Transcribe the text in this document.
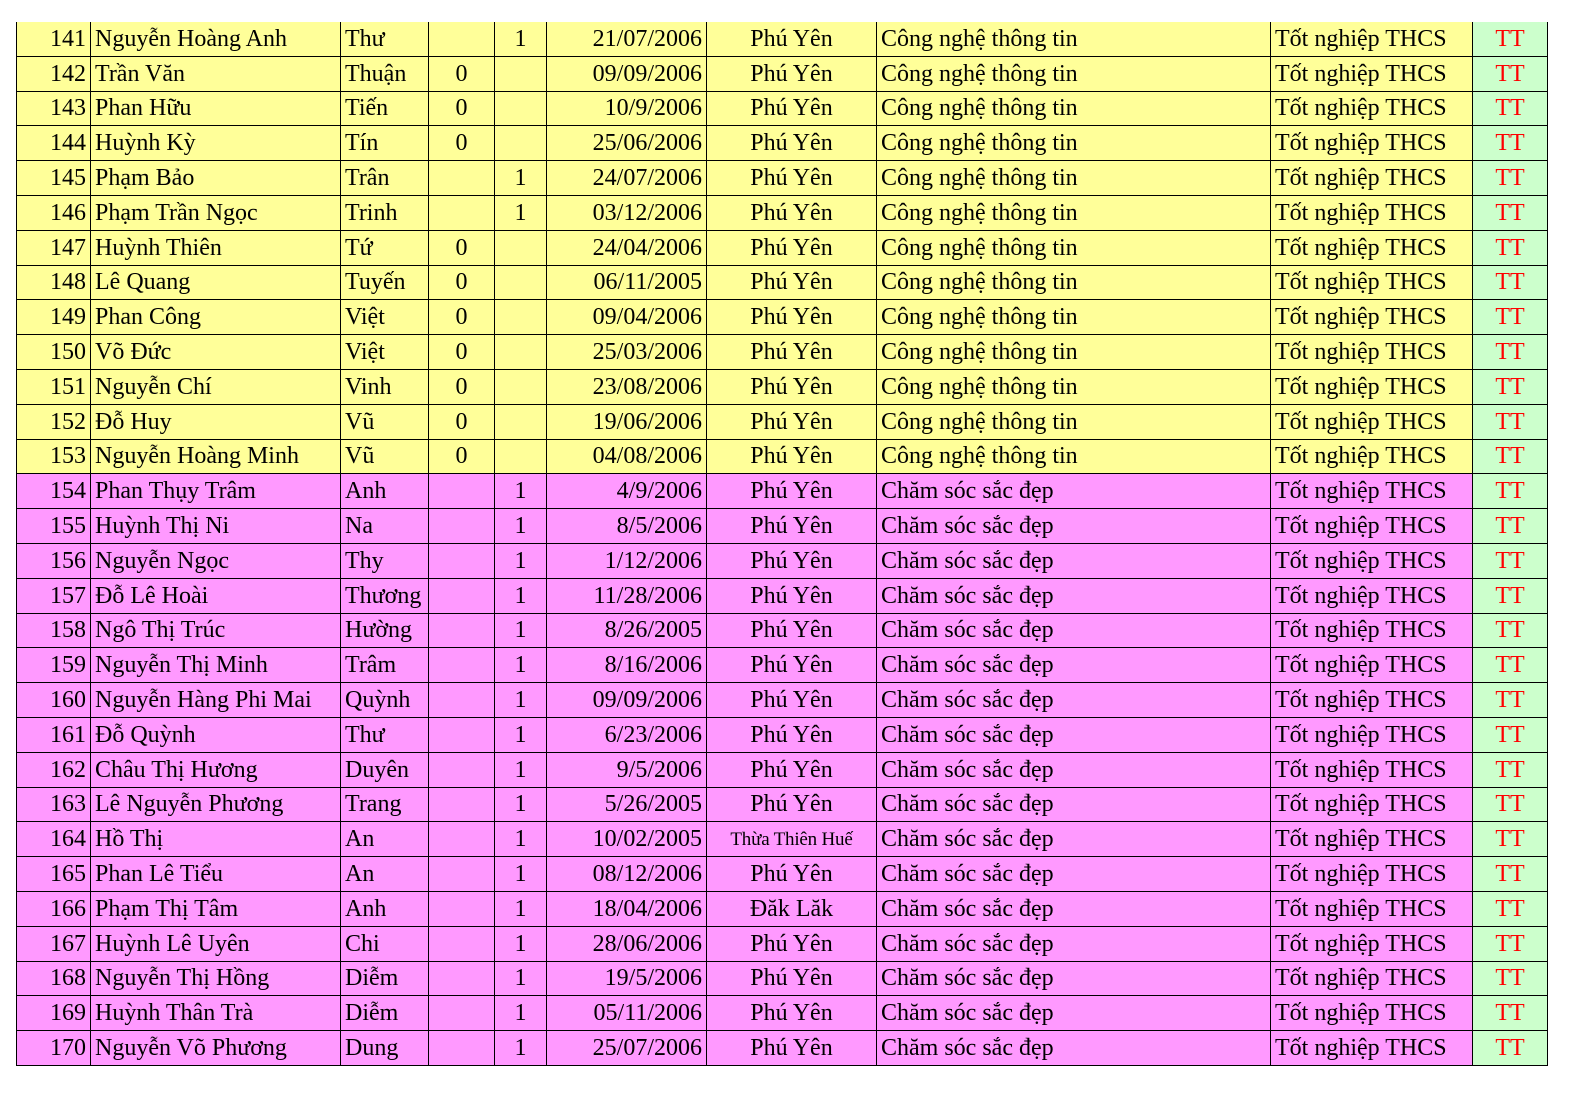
141	Nguyễn Hoàng Anh	Thư		1	21/07/2006	Phú Yên	Công nghệ thông tin	Tốt nghiệp THCS	TT
142	Trần Văn	Thuận	0		09/09/2006	Phú Yên	Công nghệ thông tin	Tốt nghiệp THCS	TT
143	Phan Hữu	Tiến	0		10/9/2006	Phú Yên	Công nghệ thông tin	Tốt nghiệp THCS	TT
144	Huỳnh Kỳ	Tín	0		25/06/2006	Phú Yên	Công nghệ thông tin	Tốt nghiệp THCS	TT
145	Phạm Bảo	Trân		1	24/07/2006	Phú Yên	Công nghệ thông tin	Tốt nghiệp THCS	TT
146	Phạm Trần Ngọc	Trinh		1	03/12/2006	Phú Yên	Công nghệ thông tin	Tốt nghiệp THCS	TT
147	Huỳnh Thiên	Tứ	0		24/04/2006	Phú Yên	Công nghệ thông tin	Tốt nghiệp THCS	TT
148	Lê Quang	Tuyến	0		06/11/2005	Phú Yên	Công nghệ thông tin	Tốt nghiệp THCS	TT
149	Phan Công	Việt	0		09/04/2006	Phú Yên	Công nghệ thông tin	Tốt nghiệp THCS	TT
150	Võ Đức	Việt	0		25/03/2006	Phú Yên	Công nghệ thông tin	Tốt nghiệp THCS	TT
151	Nguyễn Chí	Vinh	0		23/08/2006	Phú Yên	Công nghệ thông tin	Tốt nghiệp THCS	TT
152	Đỗ Huy	Vũ	0		19/06/2006	Phú Yên	Công nghệ thông tin	Tốt nghiệp THCS	TT
153	Nguyễn Hoàng Minh	Vũ	0		04/08/2006	Phú Yên	Công nghệ thông tin	Tốt nghiệp THCS	TT
154	Phan Thụy Trâm	Anh		1	4/9/2006	Phú Yên	Chăm sóc sắc đẹp	Tốt nghiệp THCS	TT
155	Huỳnh Thị Ni	Na		1	8/5/2006	Phú Yên	Chăm sóc sắc đẹp	Tốt nghiệp THCS	TT
156	Nguyễn Ngọc	Thy		1	1/12/2006	Phú Yên	Chăm sóc sắc đẹp	Tốt nghiệp THCS	TT
157	Đỗ Lê Hoài	Thương		1	11/28/2006	Phú Yên	Chăm sóc sắc đẹp	Tốt nghiệp THCS	TT
158	Ngô Thị Trúc	Hường		1	8/26/2005	Phú Yên	Chăm sóc sắc đẹp	Tốt nghiệp THCS	TT
159	Nguyễn Thị Minh	Trâm		1	8/16/2006	Phú Yên	Chăm sóc sắc đẹp	Tốt nghiệp THCS	TT
160	Nguyễn Hàng Phi Mai	Quỳnh		1	09/09/2006	Phú Yên	Chăm sóc sắc đẹp	Tốt nghiệp THCS	TT
161	Đỗ Quỳnh	Thư		1	6/23/2006	Phú Yên	Chăm sóc sắc đẹp	Tốt nghiệp THCS	TT
162	Châu Thị Hương	Duyên		1	9/5/2006	Phú Yên	Chăm sóc sắc đẹp	Tốt nghiệp THCS	TT
163	Lê Nguyễn Phương	Trang		1	5/26/2005	Phú Yên	Chăm sóc sắc đẹp	Tốt nghiệp THCS	TT
164	Hồ Thị	An		1	10/02/2005	Thừa Thiên Huế	Chăm sóc sắc đẹp	Tốt nghiệp THCS	TT
165	Phan Lê Tiểu	An		1	08/12/2006	Phú Yên	Chăm sóc sắc đẹp	Tốt nghiệp THCS	TT
166	Phạm Thị Tâm	Anh		1	18/04/2006	Đăk Lăk	Chăm sóc sắc đẹp	Tốt nghiệp THCS	TT
167	Huỳnh Lê Uyên	Chi		1	28/06/2006	Phú Yên	Chăm sóc sắc đẹp	Tốt nghiệp THCS	TT
168	Nguyễn Thị Hồng	Diễm		1	19/5/2006	Phú Yên	Chăm sóc sắc đẹp	Tốt nghiệp THCS	TT
169	Huỳnh Thân Trà	Diễm		1	05/11/2006	Phú Yên	Chăm sóc sắc đẹp	Tốt nghiệp THCS	TT
170	Nguyễn Võ Phương	Dung		1	25/07/2006	Phú Yên	Chăm sóc sắc đẹp	Tốt nghiệp THCS	TT
